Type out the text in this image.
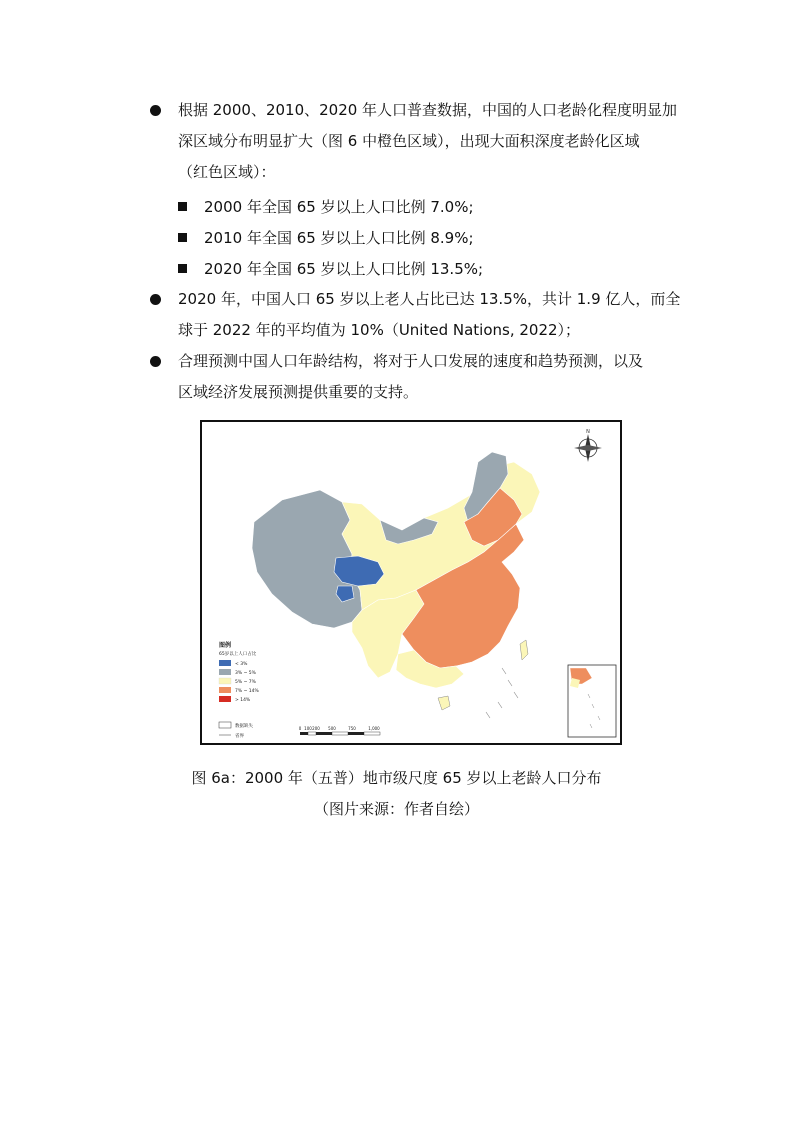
根据 2000、2010、2020 年人口普查数据，中国的人口老龄化程度明显加
深区域分布明显扩大（图 6 中橙色区域），出现大面积深度老龄化区域
（红色区域）：
2000 年全国 65 岁以上人口比例 7.0%;
2010 年全国 65 岁以上人口比例 8.9%;
2020 年全国 65 岁以上人口比例 13.5%;
2020 年，中国人口 65 岁以上老人占比已达 13.5%，共计 1.9 亿人，而全
球于 2022 年的平均值为 10%（United Nations, 2022）；
合理预测中国人口年龄结构，将对于人口发展的速度和趋势预测，以及
区域经济发展预测提供重要的支持。
N
图例
65岁以上人口占比
< 3%
3% ~ 5%
5% ~ 7%
7% ~ 14%
> 14%
数据缺失
省界
0 100 200 500	750	1,000
图 6a：2000 年（五普）地市级尺度 65 岁以上老龄人口分布
（图片来源：作者自绘）
